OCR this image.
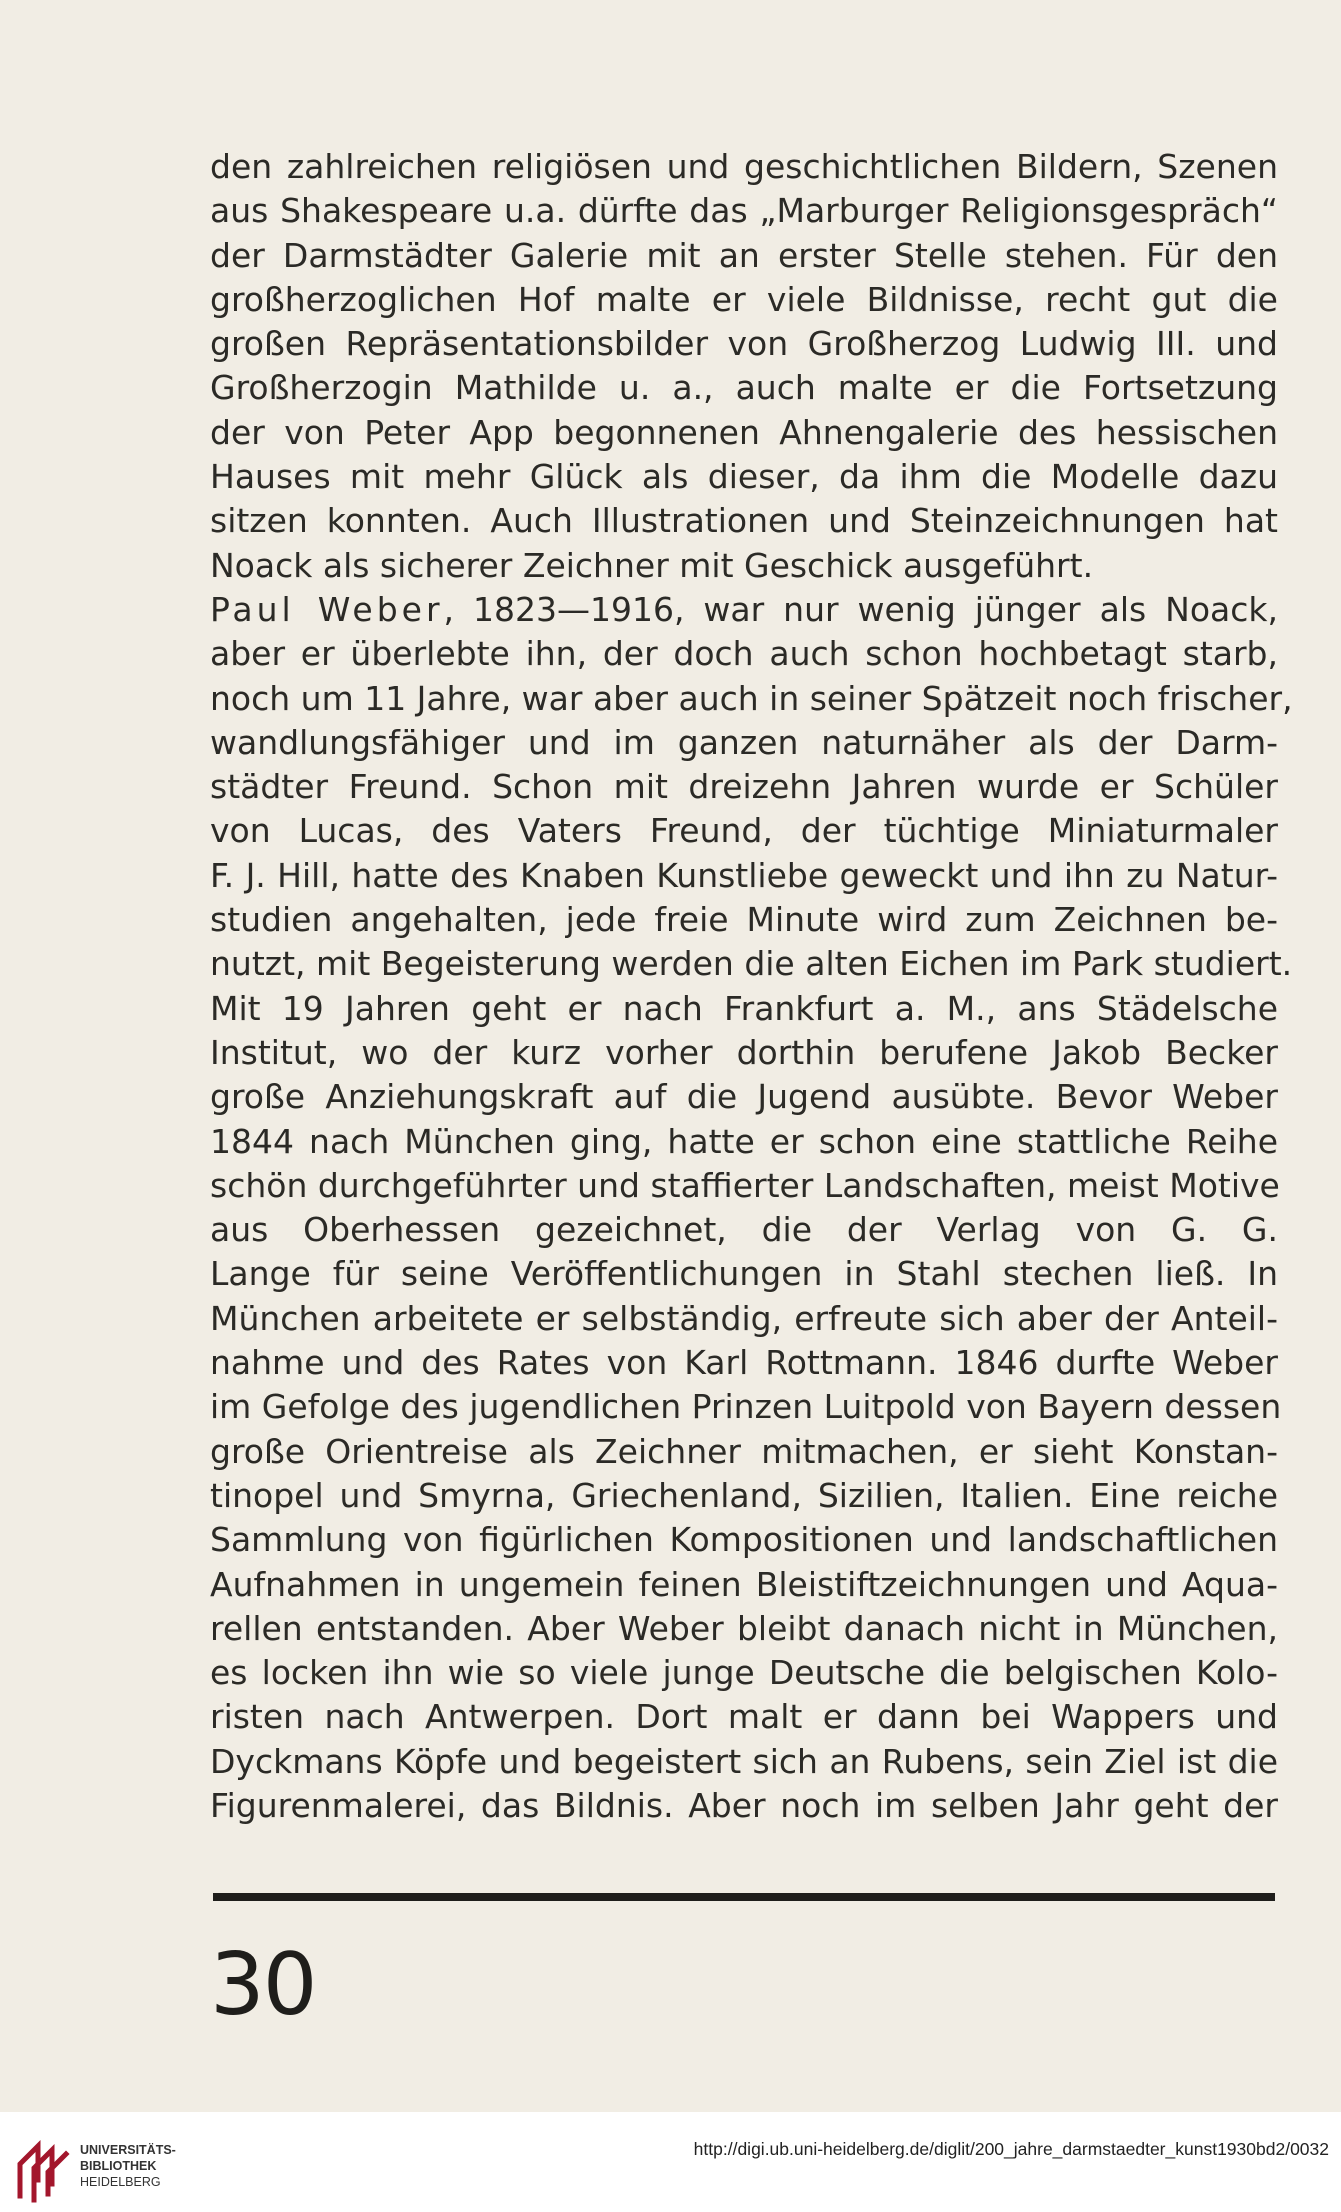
den zahlreichen religiösen und geschichtlichen Bildern, Szenen
aus Shakespeare u.a. dürfte das „Marburger Religionsgespräch“
der Darmstädter Galerie mit an erster Stelle stehen. Für den
großherzoglichen Hof malte er viele Bildnisse, recht gut die
großen Repräsentationsbilder von Großherzog Ludwig III. und
Großherzogin Mathilde u. a., auch malte er die Fortsetzung
der von Peter App begonnenen Ahnengalerie des hessischen
Hauses mit mehr Glück als dieser, da ihm die Modelle dazu
sitzen konnten. Auch Illustrationen und Steinzeichnungen hat
Noack als sicherer Zeichner mit Geschick ausgeführt.
Paul Weber, 1823—1916, war nur wenig jünger als Noack,
aber er überlebte ihn, der doch auch schon hochbetagt starb,
noch um 11 Jahre, war aber auch in seiner Spätzeit noch frischer,
wandlungsfähiger und im ganzen naturnäher als der Darm-
städter Freund. Schon mit dreizehn Jahren wurde er Schüler
von Lucas, des Vaters Freund, der tüchtige Miniaturmaler
F. J. Hill, hatte des Knaben Kunstliebe geweckt und ihn zu Natur-
studien angehalten, jede freie Minute wird zum Zeichnen be-
nutzt, mit Begeisterung werden die alten Eichen im Park studiert.
Mit 19 Jahren geht er nach Frankfurt a. M., ans Städelsche
Institut, wo der kurz vorher dorthin berufene Jakob Becker
große Anziehungskraft auf die Jugend ausübte. Bevor Weber
1844 nach München ging, hatte er schon eine stattliche Reihe
schön durchgeführter und staffierter Landschaften, meist Motive
aus Oberhessen gezeichnet, die der Verlag von G. G.
Lange für seine Veröffentlichungen in Stahl stechen ließ. In
München arbeitete er selbständig, erfreute sich aber der Anteil-
nahme und des Rates von Karl Rottmann. 1846 durfte Weber
im Gefolge des jugendlichen Prinzen Luitpold von Bayern dessen
große Orientreise als Zeichner mitmachen, er sieht Konstan-
tinopel und Smyrna, Griechenland, Sizilien, Italien. Eine reiche
Sammlung von figürlichen Kompositionen und landschaftlichen
Aufnahmen in ungemein feinen Bleistiftzeichnungen und Aqua-
rellen entstanden. Aber Weber bleibt danach nicht in München,
es locken ihn wie so viele junge Deutsche die belgischen Kolo-
risten nach Antwerpen. Dort malt er dann bei Wappers und
Dyckmans Köpfe und begeistert sich an Rubens, sein Ziel ist die
Figurenmalerei, das Bildnis. Aber noch im selben Jahr geht der
30
UNIVERSITÄTS-
BIBLIOTHEK
HEIDELBERG
http://digi.ub.uni-heidelberg.de/diglit/200_jahre_darmstaedter_kunst1930bd2/0032
